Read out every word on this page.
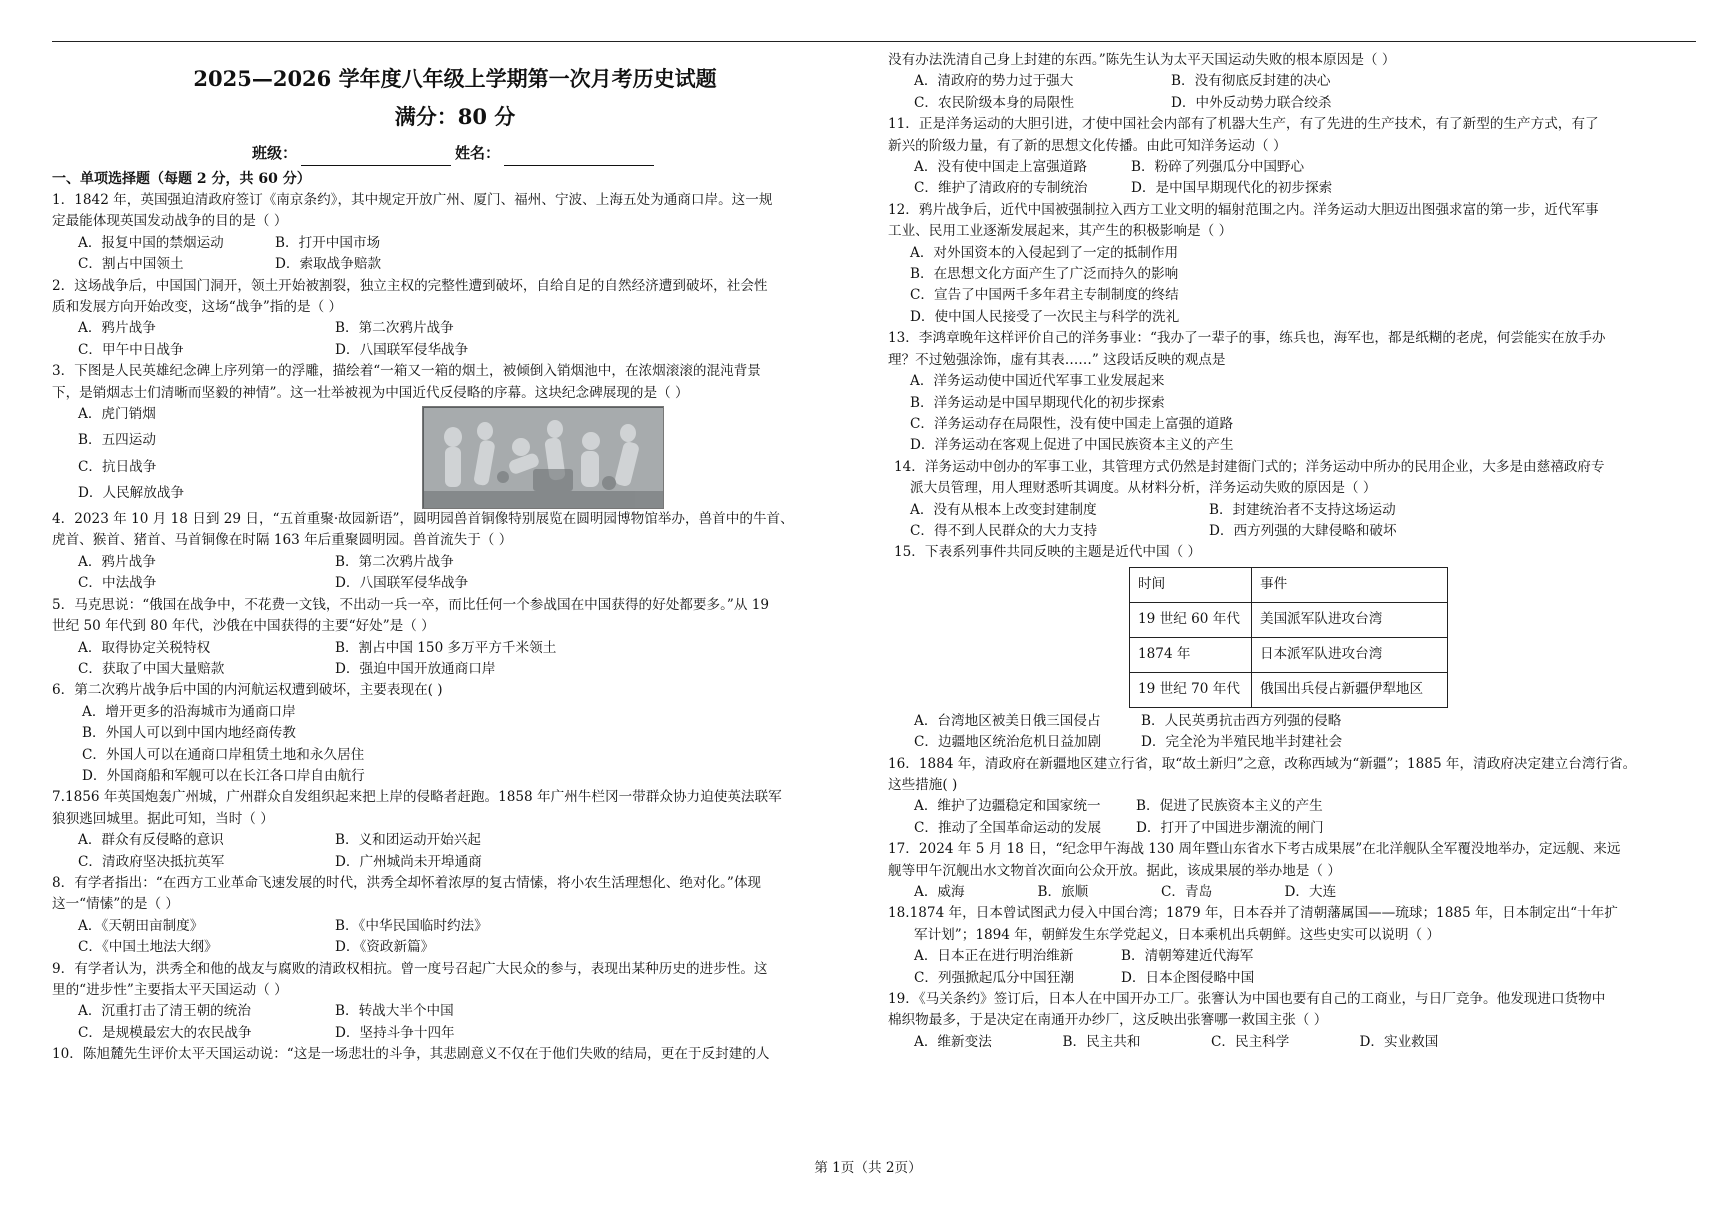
2025—2026 学年度八年级上学期第一次月考历史试题
满分：80 分
班级：	姓名：
一、单项选择题（每题 2 分，共 60 分）

1．1842 年，英国强迫清政府签订《南京条约》，其中规定开放广州、厦门、福州、宁波、上海五处为通商口岸。这一规

定最能体现英国发动战争的目的是（ ）

A．报复中国的禁烟运动	B．打开中国市场
C．割占中国领土	D．索取战争赔款

2．这场战争后，中国国门洞开，领土开始被割裂，独立主权的完整性遭到破坏，自给自足的自然经济遭到破坏，社会性

质和发展方向开始改变，这场“战争”指的是（ ）

A．鸦片战争	B．第二次鸦片战争
C．甲午中日战争	D．八国联军侵华战争

3．下图是人民英雄纪念碑上序列第一的浮雕，描绘着“一箱又一箱的烟土，被倾倒入销烟池中，在浓烟滚滚的混沌背景

下，是销烟志士们清晰而坚毅的神情”。这一壮举被视为中国近代反侵略的序幕。这块纪念碑展现的是（ ）

A．虎门销烟
B．五四运动
C．抗日战争
D．人民解放战争

4．2023 年 10 月 18 日到 29 日，“五首重聚·故园新语”，圆明园兽首铜像特别展览在圆明园博物馆举办，兽首中的牛首、

虎首、猴首、猪首、马首铜像在时隔 163 年后重聚圆明园。兽首流失于（ ）

A．鸦片战争	B．第二次鸦片战争
C．中法战争	D．八国联军侵华战争

5．马克思说：“俄国在战争中，不花费一文钱，不出动一兵一卒，而比任何一个参战国在中国获得的好处都要多。”从 19

世纪 50 年代到 80 年代，沙俄在中国获得的主要“好处”是（ ）

A．取得协定关税特权	B．割占中国 150 多万平方千米领土
C．获取了中国大量赔款	D．强迫中国开放通商口岸

6．第二次鸦片战争后中国的内河航运权遭到破坏，主要表现在( )

A．增开更多的沿海城市为通商口岸
B．外国人可以到中国内地经商传教
C．外国人可以在通商口岸租赁土地和永久居住
D．外国商船和军舰可以在长江各口岸自由航行

7.1856 年英国炮轰广州城，广州群众自发组织起来把上岸的侵略者赶跑。1858 年广州牛栏冈一带群众协力迫使英法联军

狼狈逃回城里。据此可知，当时（ ）

A．群众有反侵略的意识	B．义和团运动开始兴起
C．清政府坚决抵抗英军	D．广州城尚未开埠通商

8．有学者指出：“在西方工业革命飞速发展的时代，洪秀全却怀着浓厚的复古情愫，将小农生活理想化、绝对化。”体现

这一“情愫”的是（ ）

A．《天朝田亩制度》	B．《中华民国临时约法》
C．《中国土地法大纲》	D．《资政新篇》

9．有学者认为，洪秀全和他的战友与腐败的清政权相抗。曾一度号召起广大民众的参与，表现出某种历史的进步性。这

里的“进步性”主要指太平天国运动（ ）

A．沉重打击了清王朝的统治	B．转战大半个中国
C．是规模最宏大的农民战争	D．坚持斗争十四年

10．陈旭麓先生评价太平天国运动说：“这是一场悲壮的斗争，其悲剧意义不仅在于他们失败的结局，更在于反封建的人

没有办法洗清自己身上封建的东西。”陈先生认为太平天国运动失败的根本原因是（ ）

A．清政府的势力过于强大	B．没有彻底反封建的决心
C．农民阶级本身的局限性	D．中外反动势力联合绞杀

11．正是洋务运动的大胆引进，才使中国社会内部有了机器大生产，有了先进的生产技术，有了新型的生产方式，有了

新兴的阶级力量，有了新的思想文化传播。由此可知洋务运动（ ）

A．没有使中国走上富强道路	B．粉碎了列强瓜分中国野心
C．维护了清政府的专制统治	D．是中国早期现代化的初步探索

12．鸦片战争后，近代中国被强制拉入西方工业文明的辐射范围之内。洋务运动大胆迈出图强求富的第一步，近代军事

工业、民用工业逐渐发展起来，其产生的积极影响是（ ）

A．对外国资本的入侵起到了一定的抵制作用
B．在思想文化方面产生了广泛而持久的影响
C．宣告了中国两千多年君主专制制度的终结
D．使中国人民接受了一次民主与科学的洗礼

13．李鸿章晚年这样评价自己的洋务事业：“我办了一辈子的事，练兵也，海军也，都是纸糊的老虎，何尝能实在放手办

理？不过勉强涂饰，虚有其表……” 这段话反映的观点是

A．洋务运动使中国近代军事工业发展起来
B．洋务运动是中国早期现代化的初步探索
C．洋务运动存在局限性，没有使中国走上富强的道路
D．洋务运动在客观上促进了中国民族资本主义的产生

14．洋务运动中创办的军事工业，其管理方式仍然是封建衙门式的；洋务运动中所办的民用企业，大多是由慈禧政府专

派大员管理，用人理财悉听其调度。从材料分析，洋务运动失败的原因是（ ）

A．没有从根本上改变封建制度	B．封建统治者不支持这场运动
C．得不到人民群众的大力支持	D．西方列强的大肆侵略和破坏

15．下表系列事件共同反映的主题是近代中国（ ）

时间	事件
19 世纪 60 年代	美国派军队进攻台湾
1874 年	日本派军队进攻台湾
19 世纪 70 年代	俄国出兵侵占新疆伊犁地区
A．台湾地区被美日俄三国侵占	B．人民英勇抗击西方列强的侵略
C．边疆地区统治危机日益加剧	D．完全沦为半殖民地半封建社会

16．1884 年，清政府在新疆地区建立行省，取“故土新归”之意，改称西域为“新疆”；1885 年，清政府决定建立台湾行省。

这些措施( )

A．维护了边疆稳定和国家统一	B．促进了民族资本主义的产生
C．推动了全国革命运动的发展	D．打开了中国进步潮流的闸门

17．2024 年 5 月 18 日，“纪念甲午海战 130 周年暨山东省水下考古成果展”在北洋舰队全军覆没地举办，定远舰、来远

舰等甲午沉舰出水文物首次面向公众开放。据此，该成果展的举办地是（ ）

A．威海	B．旅顺	C．青岛	D．大连

18.1874 年，日本曾试图武力侵入中国台湾；1879 年，日本吞并了清朝藩属国——琉球；1885 年，日本制定出“十年扩

军计划”；1894 年，朝鲜发生东学党起义，日本乘机出兵朝鲜。这些史实可以说明（ ）

A．日本正在进行明治维新	B．清朝筹建近代海军
C．列强掀起瓜分中国狂潮	D．日本企图侵略中国

19．《马关条约》签订后，日本人在中国开办工厂。张謇认为中国也要有自己的工商业，与日厂竞争。他发现进口货物中

棉织物最多，于是决定在南通开办纱厂，这反映出张謇哪一救国主张（ ）

A．维新变法	B．民主共和	C．民主科学	D．实业救国
第 1页（共 2页）
